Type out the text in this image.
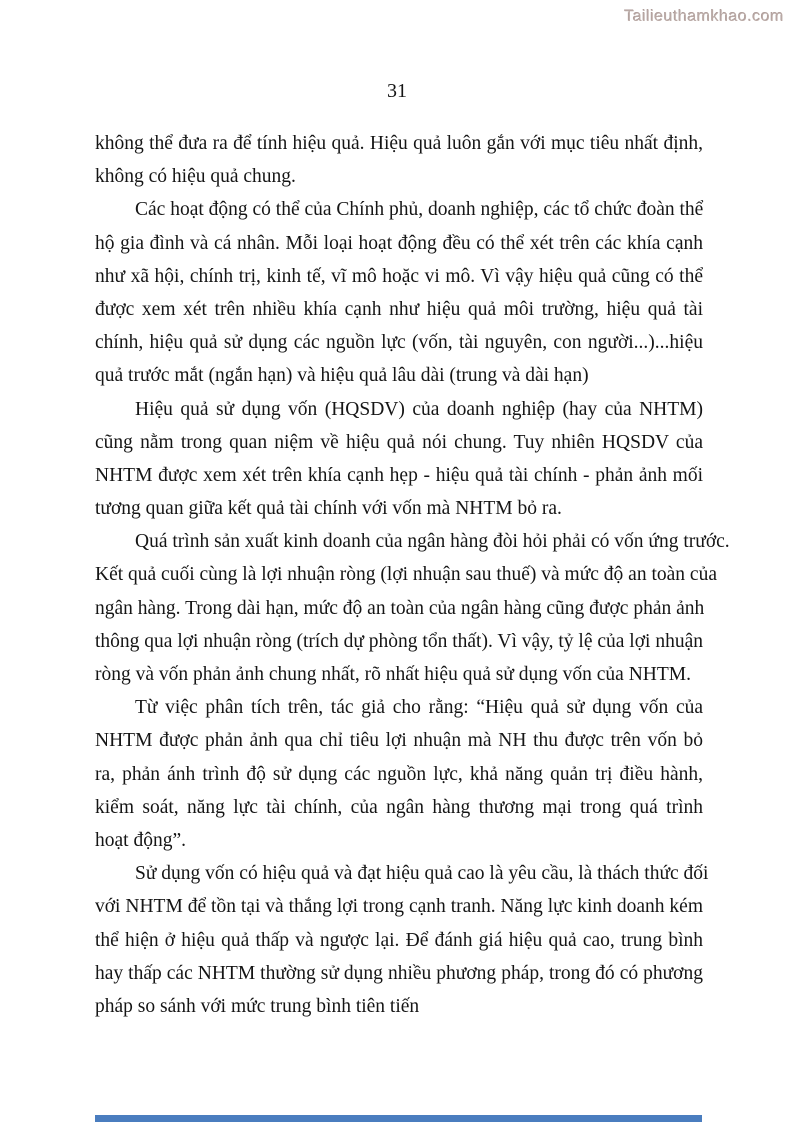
Tailieuthamkhao.com
31
không thể đưa ra để tính hiệu quả. Hiệu quả luôn gắn với mục tiêu nhất định,
không có hiệu quả chung.
Các hoạt động có thể của Chính phủ, doanh nghiệp, các tổ chức đoàn thể
hộ gia đình và cá nhân. Mỗi loại hoạt động đều có thể xét trên các khía cạnh
như xã hội, chính trị, kinh tế, vĩ mô hoặc vi mô. Vì vậy hiệu quả cũng có thể
được xem xét trên nhiều khía cạnh như hiệu quả môi trường, hiệu quả tài
chính, hiệu quả sử dụng các nguồn lực (vốn, tài nguyên, con người...)...hiệu
quả trước mắt (ngắn hạn) và hiệu quả lâu dài (trung và dài hạn)
Hiệu quả sử dụng vốn (HQSDV) của doanh nghiệp (hay của NHTM)
cũng nằm trong quan niệm về hiệu quả nói chung. Tuy nhiên HQSDV của
NHTM được xem xét trên khía cạnh hẹp - hiệu quả tài chính - phản ảnh mối
tương quan giữa kết quả tài chính với vốn mà NHTM bỏ ra.
Quá trình sản xuất kinh doanh của ngân hàng đòi hỏi phải có vốn ứng trước.
Kết quả cuối cùng là lợi nhuận ròng (lợi nhuận sau thuế) và mức độ an toàn của
ngân hàng. Trong dài hạn, mức độ an toàn của ngân hàng cũng được phản ảnh
thông qua lợi nhuận ròng (trích dự phòng tổn thất). Vì vậy, tỷ lệ của lợi nhuận
ròng và vốn phản ảnh chung nhất, rõ nhất hiệu quả sử dụng vốn của NHTM.
Từ việc phân tích trên, tác giả cho rằng: “Hiệu quả sử dụng vốn của
NHTM được phản ảnh qua chỉ tiêu lợi nhuận mà NH thu được trên vốn bỏ
ra, phản ánh trình độ sử dụng các nguồn lực, khả năng quản trị điều hành,
kiểm soát, năng lực tài chính, của ngân hàng thương mại trong quá trình
hoạt động”.
Sử dụng vốn có hiệu quả và đạt hiệu quả cao là yêu cầu, là thách thức đối
với NHTM để tồn tại và thắng lợi trong cạnh tranh. Năng lực kinh doanh kém
thể hiện ở hiệu quả thấp và ngược lại. Để đánh giá hiệu quả cao, trung bình
hay thấp các NHTM thường sử dụng nhiều phương pháp, trong đó có phương
pháp so sánh với mức trung bình tiên tiến
